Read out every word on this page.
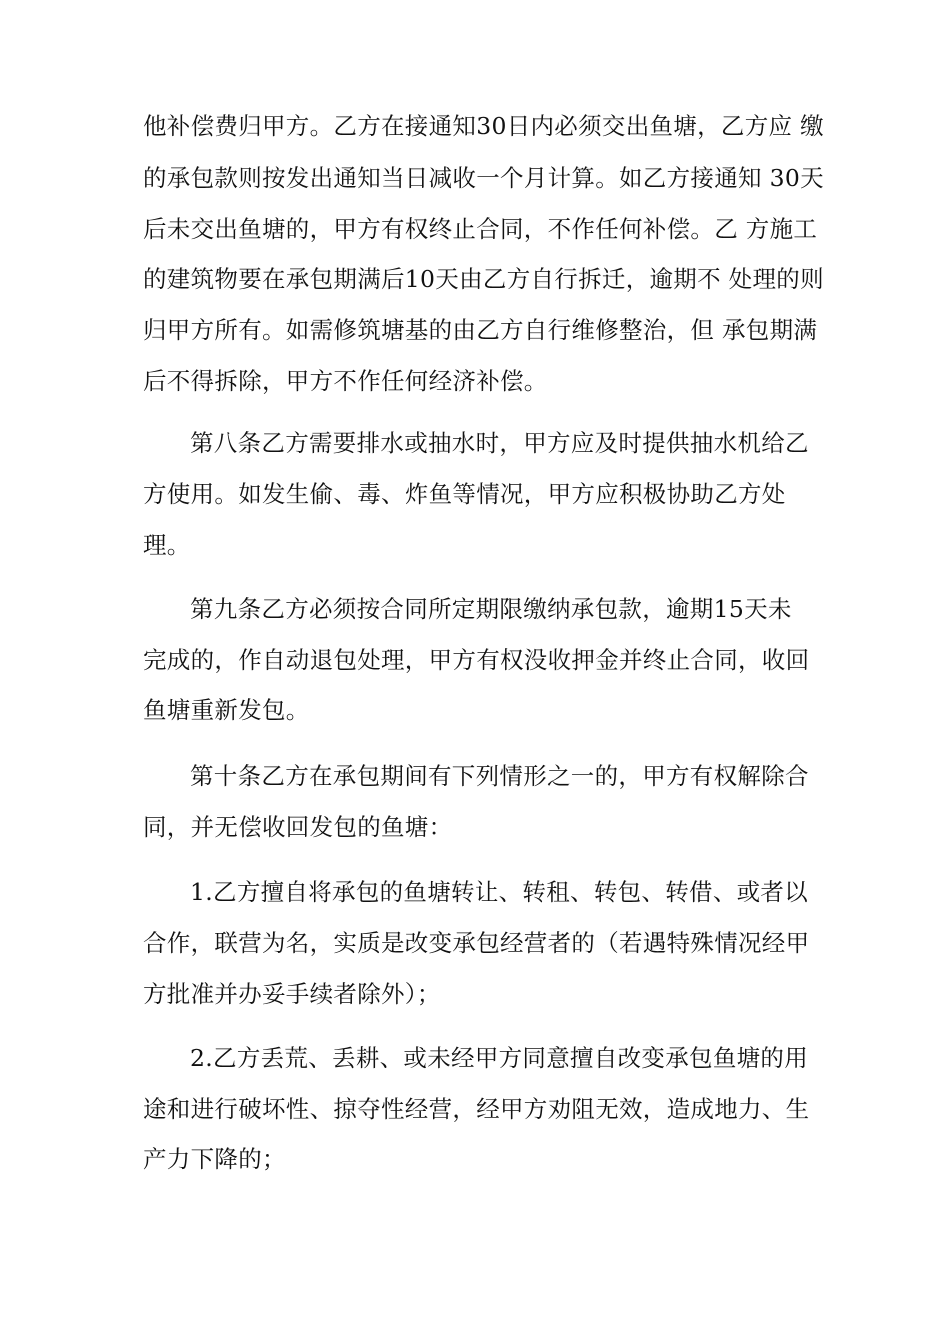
他补偿费归甲方。乙方在接通知30日内必须交出鱼塘，乙方应 缴
的承包款则按发出通知当日减收一个月计算。如乙方接通知 30天
后未交出鱼塘的，甲方有权终止合同，不作任何补偿。乙 方施工
的建筑物要在承包期满后10天由乙方自行拆迁，逾期不 处理的则
归甲方所有。如需修筑塘基的由乙方自行维修整治，但 承包期满
后不得拆除，甲方不作任何经济补偿。
第八条乙方需要排水或抽水时，甲方应及时提供抽水机给乙
方使用。如发生偷、毒、炸鱼等情况，甲方应积极协助乙方处
理。
第九条乙方必须按合同所定期限缴纳承包款，逾期15天未
完成的，作自动退包处理，甲方有权没收押金并终止合同，收回
鱼塘重新发包。
第十条乙方在承包期间有下列情形之一的，甲方有权解除合
同，并无偿收回发包的鱼塘：
1.乙方擅自将承包的鱼塘转让、转租、转包、转借、或者以
合作，联营为名，实质是改变承包经营者的（若遇特殊情况经甲
方批准并办妥手续者除外）；
2.乙方丢荒、丢耕、或未经甲方同意擅自改变承包鱼塘的用
途和进行破坏性、掠夺性经营，经甲方劝阻无效，造成地力、生
产力下降的；
